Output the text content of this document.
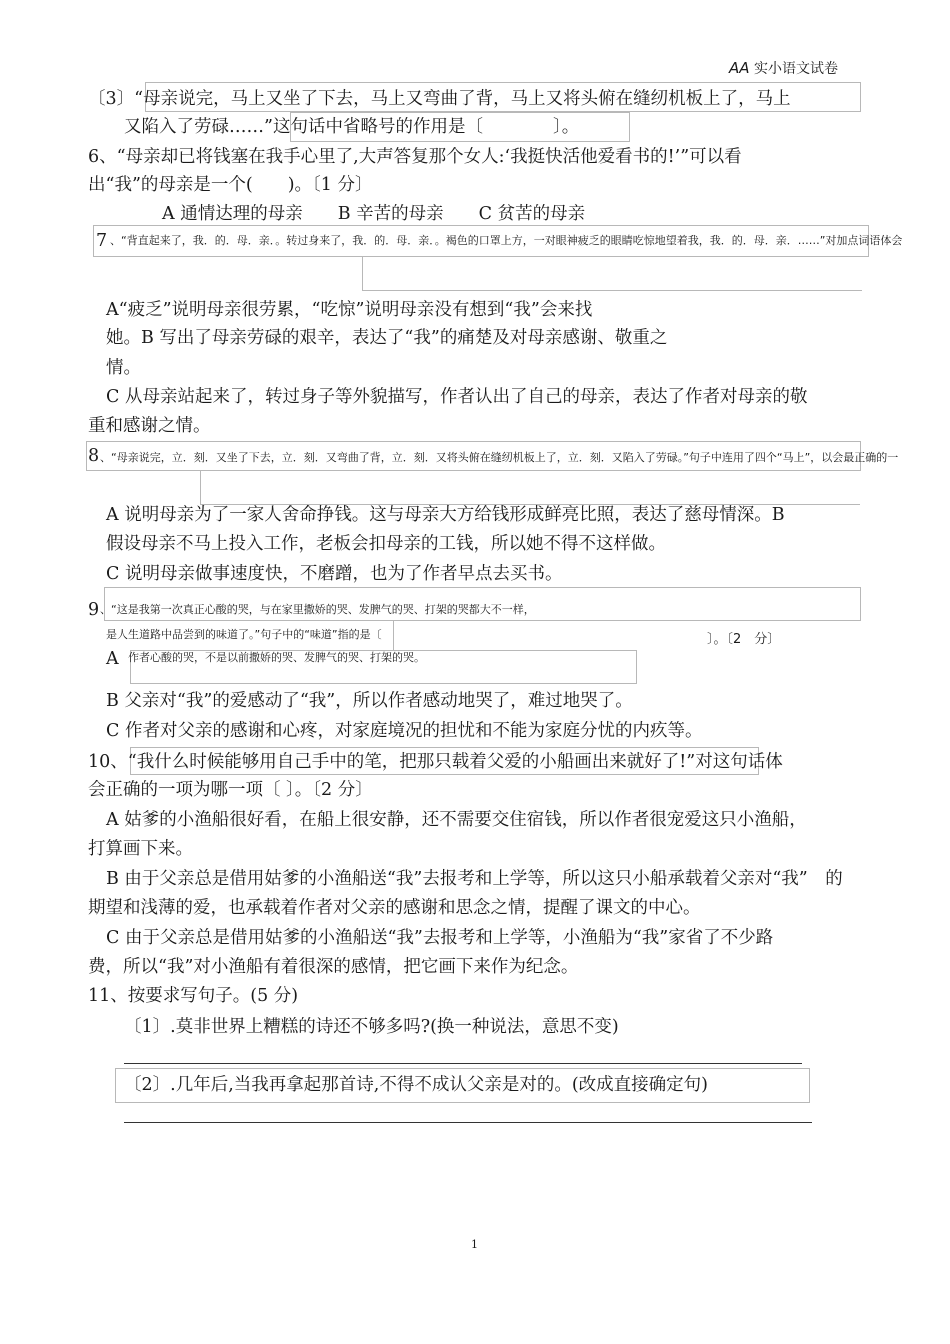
AA 实小语文试卷
〔3〕“母亲说完，马上又坐了下去，马上又弯曲了背，马上又将头俯在缝纫机板上了，马上
又陷入了劳碌……”这句话中省略号的作用是〔　　　　〕。
6、“母亲却已将钱塞在我手心里了,大声答复那个女人:‘我挺快活他爱看书的!’”可以看
出“我”的母亲是一个(　　)。〔1 分〕
A 通情达理的母亲　　B 辛苦的母亲　　C 贫苦的母亲
7 、“背直起来了，我．的．母．亲．。转过身来了，我．的．母．亲．。褐色的口罩上方，一对眼神疲乏的眼睛吃惊地望着我，我．的．母．亲．……”对加点词语体会
A“疲乏”说明母亲很劳累，“吃惊”说明母亲没有想到“我”会来找
她。B 写出了母亲劳碌的艰辛，表达了“我”的痛楚及对母亲感谢、敬重之
情。
C 从母亲站起来了，转过身子等外貌描写，作者认出了自己的母亲，表达了作者对母亲的敬
重和感谢之情。
8 、“母亲说完，立．刻．又坐了下去，立．刻．又弯曲了背，立．刻．又将头俯在缝纫机板上了，立．刻．又陷入了劳碌。”句子中连用了四个“马上”，以会最正确的一
A 说明母亲为了一家人舍命挣钱。这与母亲大方给钱形成鲜亮比照，表达了慈母情深。B
假设母亲不马上投入工作，老板会扣母亲的工钱，所以她不得不这样做。
C 说明母亲做事速度快，不磨蹭，也为了作者早点去买书。
9 、“这是我第一次真正心酸的哭，与在家里撒娇的哭、发脾气的哭、打架的哭都大不一样，
是人生道路中品尝到的味道了。”句子中的“味道”指的是〔	〕。〔2　分〕
A 作者心酸的哭，不是以前撒娇的哭、发脾气的哭、打架的哭。
B 父亲对“我”的爱感动了“我”，所以作者感动地哭了，难过地哭了。
C 作者对父亲的感谢和心疼，对家庭境况的担忧和不能为家庭分忧的内疚等。
10、“我什么时候能够用自己手中的笔，把那只载着父爱的小船画出来就好了!”对这句话体
会正确的一项为哪一项〔 〕。〔2 分〕
A 姑爹的小渔船很好看，在船上很安静，还不需要交住宿钱，所以作者很宠爱这只小渔船，
打算画下来。
B 由于父亲总是借用姑爹的小渔船送“我”去报考和上学等，所以这只小船承载着父亲对“我”　的
期望和浅薄的爱，也承载着作者对父亲的感谢和思念之情，提醒了课文的中心。
C 由于父亲总是借用姑爹的小渔船送“我”去报考和上学等，小渔船为“我”家省了不少路
费，所以“我”对小渔船有着很深的感情，把它画下来作为纪念。
11、按要求写句子。(5 分)
〔1〕.莫非世界上糟糕的诗还不够多吗?(换一种说法，意思不变)
〔2〕.几年后,当我再拿起那首诗,不得不成认父亲是对的。(改成直接确定句)
1
